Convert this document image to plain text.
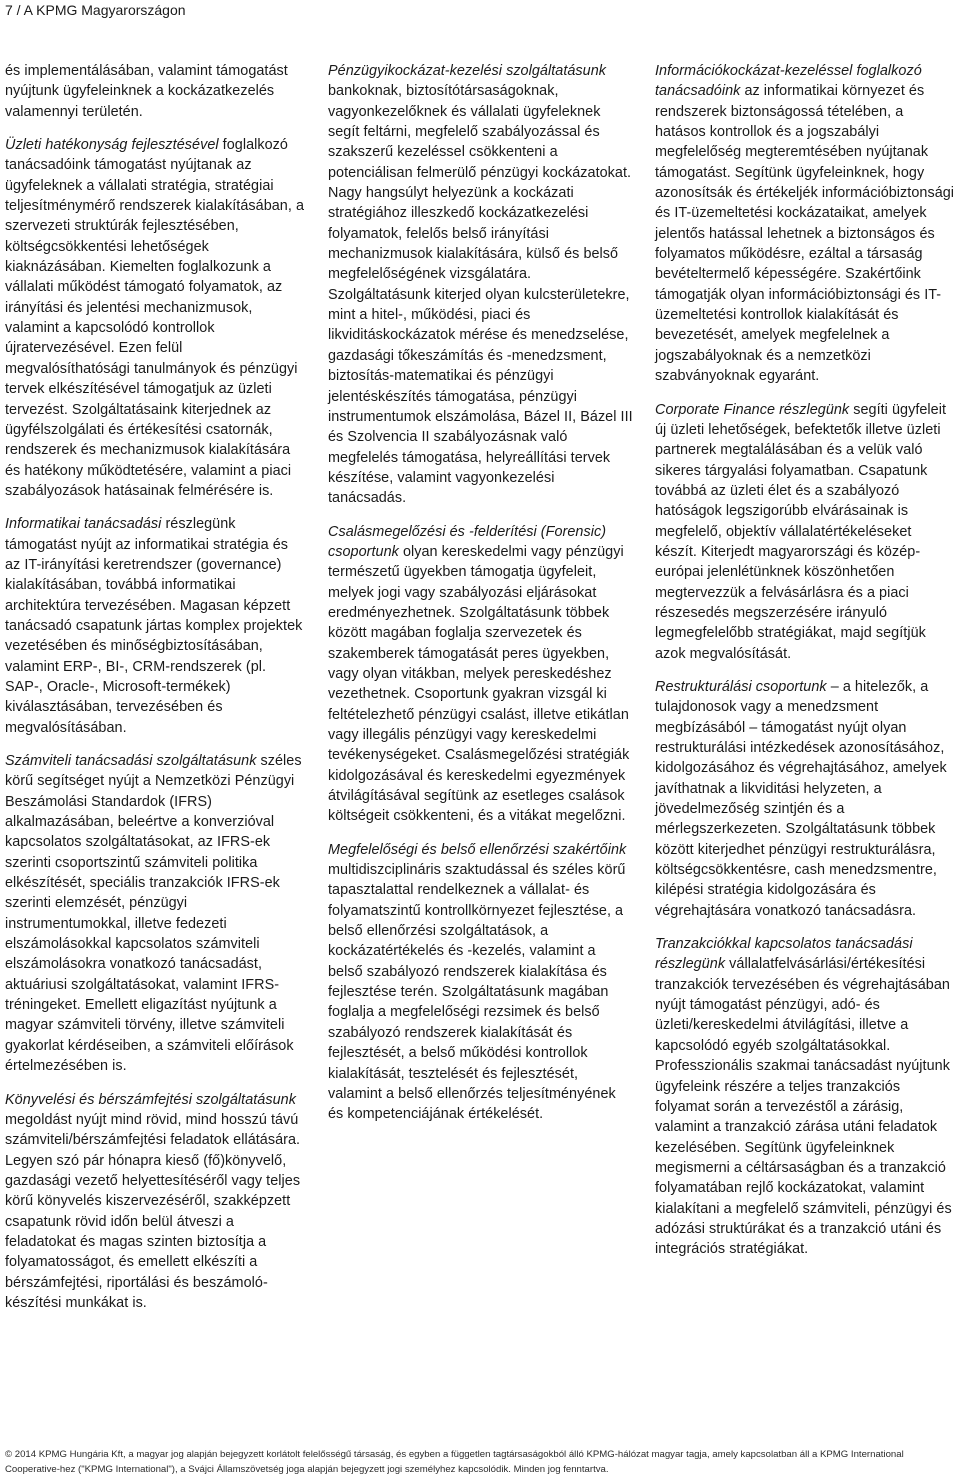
7 / A KPMG Magyarországon

és implementálásában, valamint támogatást nyújtunk ügyfeleinknek a kockázatkezelés valamennyi területén.

Üzleti hatékonyság fejlesztésével foglalkozó tanácsadóink támogatást nyújtanak az ügyfeleknek a vállalati stratégia, stratégiai teljesítménymérő rendszerek kialakításában, a szervezeti struktúrák fejlesztésében, költségcsökkentési lehetőségek kiaknázásában. Kiemelten foglalkozunk a vállalati működést támogató folyamatok, az irányítási és jelentési mechanizmusok, valamint a kapcsolódó kontrollok újratervezésével. Ezen felül megvalósíthatósági tanulmányok és pénzügyi tervek elkészítésével támogatjuk az üzleti tervezést. Szolgáltatásaink kiterjednek az ügyfélszolgálati és értékesítési csatornák, rendszerek és mechanizmusok kialakítására és hatékony működtetésére, valamint a piaci szabályozások hatásainak felmérésére is.

Informatikai tanácsadási részlegünk támogatást nyújt az informatikai stratégia és az IT-irányítási keretrendszer (governance) kialakításában, továbbá informatikai architektúra tervezésében. Magasan képzett tanácsadó csapatunk jártas komplex projektek vezetésében és minőségbiztosításában, valamint ERP-, BI-, CRM-rendszerek (pl. SAP-, Oracle-, Microsoft-termékek) kiválasztásában, tervezésében és megvalósításában.

Számviteli tanácsadási szolgáltatásunk széles körű segítséget nyújt a Nemzetközi Pénzügyi Beszámolási Standardok (IFRS) alkalmazásában, beleértve a konverzióval kapcsolatos szolgáltatásokat, az IFRS-ek szerinti csoportszintű számviteli politika elkészítését, speciális tranzakciók IFRS-ek szerinti elemzését, pénzügyi instrumentumokkal, illetve fedezeti elszámolásokkal kapcsolatos számviteli elszámolásokra vonatkozó tanácsadást, aktuáriusi szolgáltatásokat, valamint IFRS-tréningeket. Emellett eligazítást nyújtunk a magyar számviteli törvény, illetve számviteli gyakorlat kérdéseiben, a számviteli előírások értelmezésében is.

Könyvelési és bérszámfejtési szolgáltatásunk megoldást nyújt mind rövid, mind hosszú távú számviteli/bérszámfejtési feladatok ellátására. Legyen szó pár hónapra kieső (fő)könyvelő, gazdasági vezető helyettesítéséről vagy teljes körű könyvelés kiszervezéséről, szakképzett csapatunk rövid időn belül átveszi a feladatokat és magas szinten biztosítja a folyamatosságot, és emellett elkészíti a bérszámfejtési, riportálási és beszámoló-készítési munkákat is.

Pénzügyikockázat-kezelési szolgáltatásunk bankoknak, biztosítótársaságoknak, vagyonkezelőknek és vállalati ügyfeleknek segít feltárni, megfelelő szabályozással és szakszerű kezeléssel csökkenteni a potenciálisan felmerülő pénzügyi kockázatokat. Nagy hangsúlyt helyezünk a kockázati stratégiához illeszkedő kockázatkezelési folyamatok, felelős belső irányítási mechanizmusok kialakítására, külső és belső megfelelőségének vizsgálatára. Szolgáltatásunk kiterjed olyan kulcsterületekre, mint a hitel-, működési, piaci és likviditáskockázatok mérése és menedzselése, gazdasági tőkeszámítás és -menedzsment, biztosítás-matematikai és pénzügyi jelentéskészítés támogatása, pénzügyi instrumentumok elszámolása, Bázel II, Bázel III és Szolvencia II szabályozásnak való megfelelés támogatása, helyreállítási tervek készítése, valamint vagyonkezelési tanácsadás.

Csalásmegelőzési és -felderítési (Forensic) csoportunk olyan kereskedelmi vagy pénzügyi természetű ügyekben támogatja ügyfeleit, melyek jogi vagy szabályozási eljárásokat eredményezhetnek. Szolgáltatásunk többek között magában foglalja szervezetek és szakemberek támogatását peres ügyekben, vagy olyan vitákban, melyek pereskedéshez vezethetnek. Csoportunk gyakran vizsgál ki feltételezhető pénzügyi csalást, illetve etikátlan vagy illegális pénzügyi vagy kereskedelmi tevékenységeket. Csalásmegelőzési stratégiák kidolgozásával és kereskedelmi egyezmények átvilágításával segítünk az esetleges csalások költségeit csökkenteni, és a vitákat megelőzni.

Megfelelőségi és belső ellenőrzési szakértőink multidiszciplináris szaktudással és széles körű tapasztalattal rendelkeznek a vállalat- és folyamatszintű kontrollkörnyezet fejlesztése, a belső ellenőrzési szolgáltatások, a kockázatértékelés és -kezelés, valamint a belső szabályozó rendszerek kialakítása és fejlesztése terén. Szolgáltatásunk magában foglalja a megfelelőségi rezsimek és belső szabályozó rendszerek kialakítását és fejlesztését, a belső működési kontrollok kialakítását, tesztelését és fejlesztését, valamint a belső ellenőrzés teljesítményének és kompetenciájának értékelését.

Információkockázat-kezeléssel foglalkozó tanácsadóink az informatikai környezet és rendszerek biztonságossá tételében, a hatásos kontrollok és a jogszabályi megfelelőség megteremtésében nyújtanak támogatást. Segítünk ügyfeleinknek, hogy azonosítsák és értékeljék információbiztonsági és IT-üzemeltetési kockázataikat, amelyek jelentős hatással lehetnek a biztonságos és folyamatos működésre, ezáltal a társaság bevételtermelő képességére. Szakértőink támogatják olyan információbiztonsági és IT-üzemeltetési kontrollok kialakítását és bevezetését, amelyek megfelelnek a jogszabályoknak és a nemzetközi szabványoknak egyaránt.

Corporate Finance részlegünk segíti ügyfeleit új üzleti lehetőségek, befektetők illetve üzleti partnerek megtalálásában és a velük való sikeres tárgyalási folyamatban. Csapatunk továbbá az üzleti élet és a szabályozó hatóságok legszigorúbb elvárásainak is megfelelő, objektív vállalatértékeléseket készít. Kiterjedt magyarországi és közép-európai jelenlétünknek köszönhetően megtervezzük a felvásárlásra és a piaci részesedés megszerzésére irányuló legmegfelelőbb stratégiákat, majd segítjük azok megvalósítását.

Restrukturálási csoportunk – a hitelezők, a tulajdonosok vagy a menedzsment megbízásából – támogatást nyújt olyan restrukturálási intézkedések azonosításához, kidolgozásához és végrehajtásához, amelyek javíthatnak a likviditási helyzeten, a jövedelmezőség szintjén és a mérlegszerkezeten. Szolgáltatásunk többek között kiterjedhet pénzügyi restrukturálásra, költségcsökkentésre, cash menedzsmentre, kilépési stratégia kidolgozására és végrehajtására vonatkozó tanácsadásra.

Tranzakciókkal kapcsolatos tanácsadási részlegünk vállalatfelvásárlási/értékesítési tranzakciók tervezésében és végrehajtásában nyújt támogatást pénzügyi, adó- és üzleti/kereskedelmi átvilágítási, illetve a kapcsolódó egyéb szolgáltatásokkal. Professzionális szakmai tanácsadást nyújtunk ügyfeleink részére a teljes tranzakciós folyamat során a tervezéstől a zárásig, valamint a tranzakció zárása utáni feladatok kezelésében. Segítünk ügyfeleinknek megismerni a céltársaságban és a tranzakció folyamatában rejlő kockázatokat, valamint kialakítani a megfelelő számviteli, pénzügyi és adózási struktúrákat és a tranzakció utáni és integrációs stratégiákat.

© 2014 KPMG Hungária Kft, a magyar jog alapján bejegyzett korlátolt felelősségű társaság, és egyben a független tagtársaságokból álló KPMG-hálózat magyar tagja, amely kapcsolatban áll a KPMG International Cooperative-hez ("KPMG International"), a Svájci Államszövetség joga alapján bejegyzett jogi személyhez kapcsolódik. Minden jog fenntartva.
